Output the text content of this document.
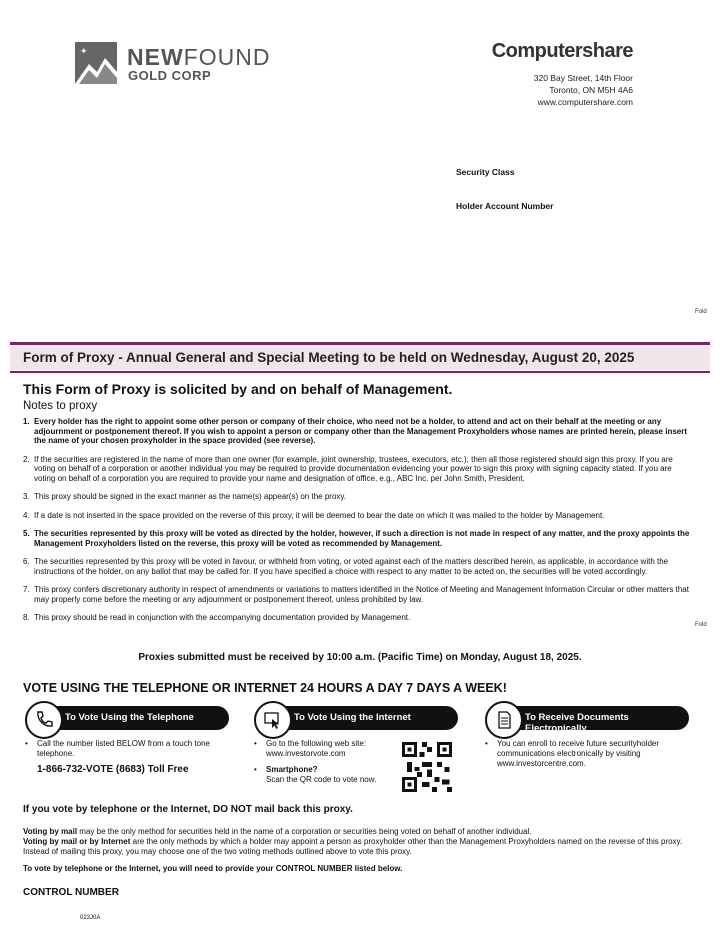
✦ NEWFOUND
GOLD CORP
Computershare
320 Bay Street, 14th Floor
Toronto, ON M5H 4A6
www.computershare.com
Security Class
Holder Account Number
Fold
Fold
Form of Proxy - Annual General and Special Meeting to be held on Wednesday, August 20, 2025
This Form of Proxy is solicited by and on behalf of Management.
Notes to proxy
1. Every holder has the right to appoint some other person or company of their choice, who need not be a holder, to attend and act on their behalf at the meeting or any adjournment or postponement thereof. If you wish to appoint a person or company other than the Management Proxyholders whose names are printed herein, please insert the name of your chosen proxyholder in the space provided (see reverse).
2. If the securities are registered in the name of more than one owner (for example, joint ownership, trustees, executors, etc.), then all those registered should sign this proxy. If you are voting on behalf of a corporation or another individual you may be required to provide documentation evidencing your power to sign this proxy with signing capacity stated. If you are voting on behalf of a corporation you are required to provide your name and designation of office, e.g., ABC Inc. per John Smith, President.
3. This proxy should be signed in the exact manner as the name(s) appear(s) on the proxy.
4. If a date is not inserted in the space provided on the reverse of this proxy, it will be deemed to bear the date on which it was mailed to the holder by Management.
5. The securities represented by this proxy will be voted as directed by the holder, however, if such a direction is not made in respect of any matter, and the proxy appoints the Management Proxyholders listed on the reverse, this proxy will be voted as recommended by Management.
6. The securities represented by this proxy will be voted in favour, or withheld from voting, or voted against each of the matters described herein, as applicable, in accordance with the instructions of the holder, on any ballot that may be called for. If you have specified a choice with respect to any matter to be acted on, the securities will be voted accordingly.
7. This proxy confers discretionary authority in respect of amendments or variations to matters identified in the Notice of Meeting and Management Information Circular or other matters that may properly come before the meeting or any adjournment or postponement thereof, unless prohibited by law.
8. This proxy should be read in conjunction with the accompanying documentation provided by Management.
Proxies submitted must be received by 10:00 a.m. (Pacific Time) on Monday, August 18, 2025.
VOTE USING THE TELEPHONE OR INTERNET 24 HOURS A DAY 7 DAYS A WEEK!
To Vote Using the Telephone
•	Call the number listed BELOW from a touch tone telephone.
1-866-732-VOTE (8683) Toll Free
To Vote Using the Internet
• Go to the following web site:
www.investorvote.com
• Smartphone?
Scan the QR code to vote now.
To Receive Documents Electronically
•	You can enroll to receive future securityholder communications electronically by visiting www.investorcentre.com.
If you vote by telephone or the Internet, DO NOT mail back this proxy.
Voting by mail may be the only method for securities held in the name of a corporation or securities being voted on behalf of another individual.
Voting by mail or by Internet are the only methods by which a holder may appoint a person as proxyholder other than the Management Proxyholders named on the reverse of this proxy. Instead of mailing this proxy, you may choose one of the two voting methods outlined above to vote this proxy.
To vote by telephone or the Internet, you will need to provide your CONTROL NUMBER listed below.
CONTROL NUMBER
023J0A
